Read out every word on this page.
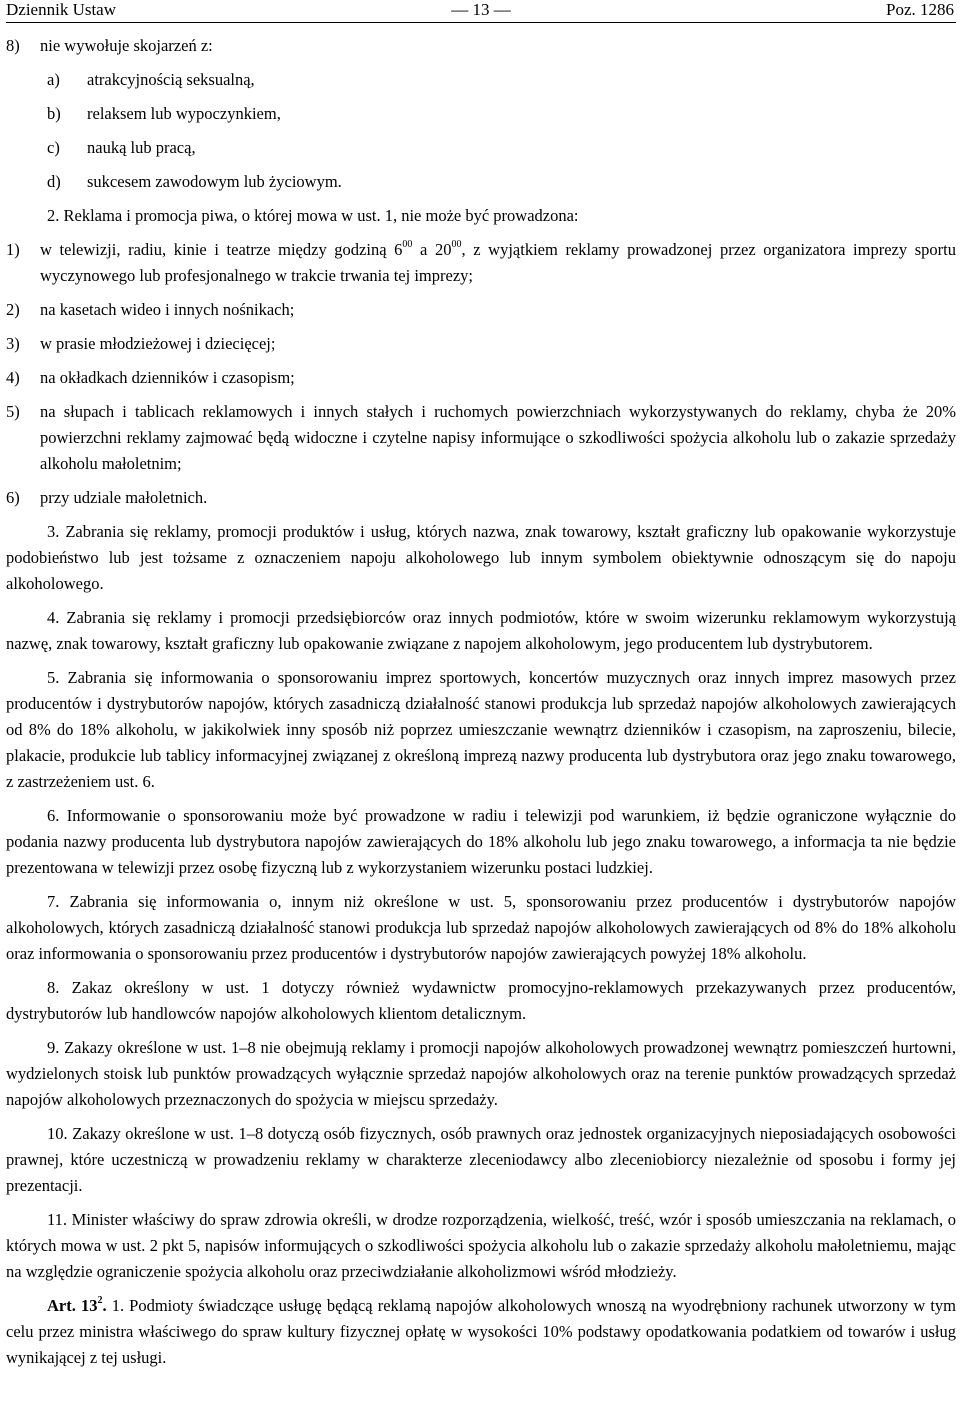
Dziennik Ustaw	— 13 —	Poz. 1286
8)	nie wywołuje skojarzeń z:
a)	atrakcyjnością seksualną,
b)	relaksem lub wypoczynkiem,
c)	nauką lub pracą,
d)	sukcesem zawodowym lub życiowym.

2. Reklama i promocja piwa, o której mowa w ust. 1, nie może być prowadzona:

1)	w telewizji, radiu, kinie i teatrze między godziną $6^{00}$ a $20^{00}$, z wyjątkiem reklamy prowadzonej przez organizatora imprezy sportu wyczynowego lub profesjonalnego w trakcie trwania tej imprezy;
2)	na kasetach wideo i innych nośnikach;
3)	w prasie młodzieżowej i dziecięcej;
4)	na okładkach dzienników i czasopism;
5)	na słupach i tablicach reklamowych i innych stałych i ruchomych powierzchniach wykorzystywanych do reklamy, chyba że 20% powierzchni reklamy zajmować będą widoczne i czytelne napisy informujące o szkodliwości spożycia alkoholu lub o zakazie sprzedaży alkoholu małoletnim;
6)	przy udziale małoletnich.

3. Zabrania się reklamy, promocji produktów i usług, których nazwa, znak towarowy, kształt graficzny lub opakowanie wykorzystuje podobieństwo lub jest tożsame z oznaczeniem napoju alkoholowego lub innym symbolem obiektywnie odnoszącym się do napoju alkoholowego.

4. Zabrania się reklamy i promocji przedsiębiorców oraz innych podmiotów, które w swoim wizerunku reklamowym wykorzystują nazwę, znak towarowy, kształt graficzny lub opakowanie związane z napojem alkoholowym, jego producentem lub dystrybutorem.

5. Zabrania się informowania o sponsorowaniu imprez sportowych, koncertów muzycznych oraz innych imprez masowych przez producentów i dystrybutorów napojów, których zasadniczą działalność stanowi produkcja lub sprzedaż napojów alkoholowych zawierających od 8% do 18% alkoholu, w jakikolwiek inny sposób niż poprzez umieszczanie wewnątrz dzienników i czasopism, na zaproszeniu, bilecie, plakacie, produkcie lub tablicy informacyjnej związanej z określoną imprezą nazwy producenta lub dystrybutora oraz jego znaku towarowego, z zastrzeżeniem ust. 6.

6. Informowanie o sponsorowaniu może być prowadzone w radiu i telewizji pod warunkiem, iż będzie ograniczone wyłącznie do podania nazwy producenta lub dystrybutora napojów zawierających do 18% alkoholu lub jego znaku towarowego, a informacja ta nie będzie prezentowana w telewizji przez osobę fizyczną lub z wykorzystaniem wizerunku postaci ludzkiej.

7. Zabrania się informowania o, innym niż określone w ust. 5, sponsorowaniu przez producentów i dystrybutorów napojów alkoholowych, których zasadniczą działalność stanowi produkcja lub sprzedaż napojów alkoholowych zawierających od 8% do 18% alkoholu oraz informowania o sponsorowaniu przez producentów i dystrybutorów napojów zawierających powyżej 18% alkoholu.

8. Zakaz określony w ust. 1 dotyczy również wydawnictw promocyjno-reklamowych przekazywanych przez producentów, dystrybutorów lub handlowców napojów alkoholowych klientom detalicznym.

9. Zakazy określone w ust. 1–8 nie obejmują reklamy i promocji napojów alkoholowych prowadzonej wewnątrz pomieszczeń hurtowni, wydzielonych stoisk lub punktów prowadzących wyłącznie sprzedaż napojów alkoholowych oraz na terenie punktów prowadzących sprzedaż napojów alkoholowych przeznaczonych do spożycia w miejscu sprzedaży.

10. Zakazy określone w ust. 1–8 dotyczą osób fizycznych, osób prawnych oraz jednostek organizacyjnych nieposiadających osobowości prawnej, które uczestniczą w prowadzeniu reklamy w charakterze zleceniodawcy albo zleceniobiorcy niezależnie od sposobu i formy jej prezentacji.

11. Minister właściwy do spraw zdrowia określi, w drodze rozporządzenia, wielkość, treść, wzór i sposób umieszczania na reklamach, o których mowa w ust. 2 pkt 5, napisów informujących o szkodliwości spożycia alkoholu lub o zakazie sprzedaży alkoholu małoletniemu, mając na względzie ograniczenie spożycia alkoholu oraz przeciwdziałanie alkoholizmowi wśród młodzieży.

Art. $13^2$. 1. Podmioty świadczące usługę będącą reklamą napojów alkoholowych wnoszą na wyodrębniony rachunek utworzony w tym celu przez ministra właściwego do spraw kultury fizycznej opłatę w wysokości 10% podstawy opodatkowania podatkiem od towarów i usług wynikającej z tej usługi.
